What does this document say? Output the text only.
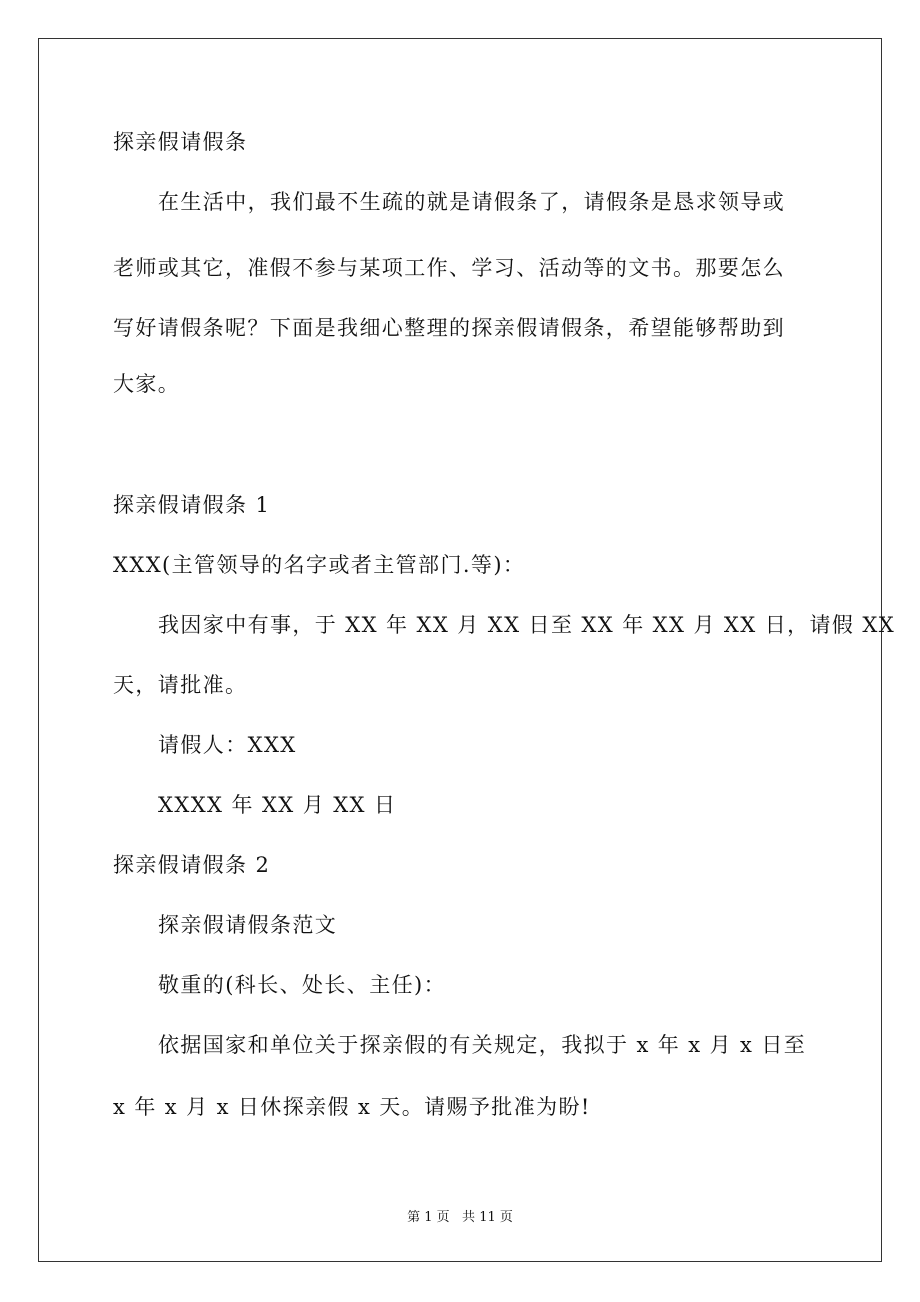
探亲假请假条
在生活中，我们最不生疏的就是请假条了，请假条是恳求领导或
老师或其它，准假不参与某项工作、学习、活动等的文书。那要怎么
写好请假条呢？下面是我细心整理的探亲假请假条，希望能够帮助到
大家。
探亲假请假条 1
XXX(主管领导的名字或者主管部门.等)：
我因家中有事，于 XX 年 XX 月 XX 日至 XX 年 XX 月 XX 日，请假 XX
天，请批准。
请假人：XXX
XXXX 年 XX 月 XX 日
探亲假请假条 2
探亲假请假条范文
敬重的(科长、处长、主任)：
依据国家和单位关于探亲假的有关规定，我拟于 x 年 x 月 x 日至
x 年 x 月 x 日休探亲假 x 天。请赐予批准为盼!
第 1 页   共 11 页
